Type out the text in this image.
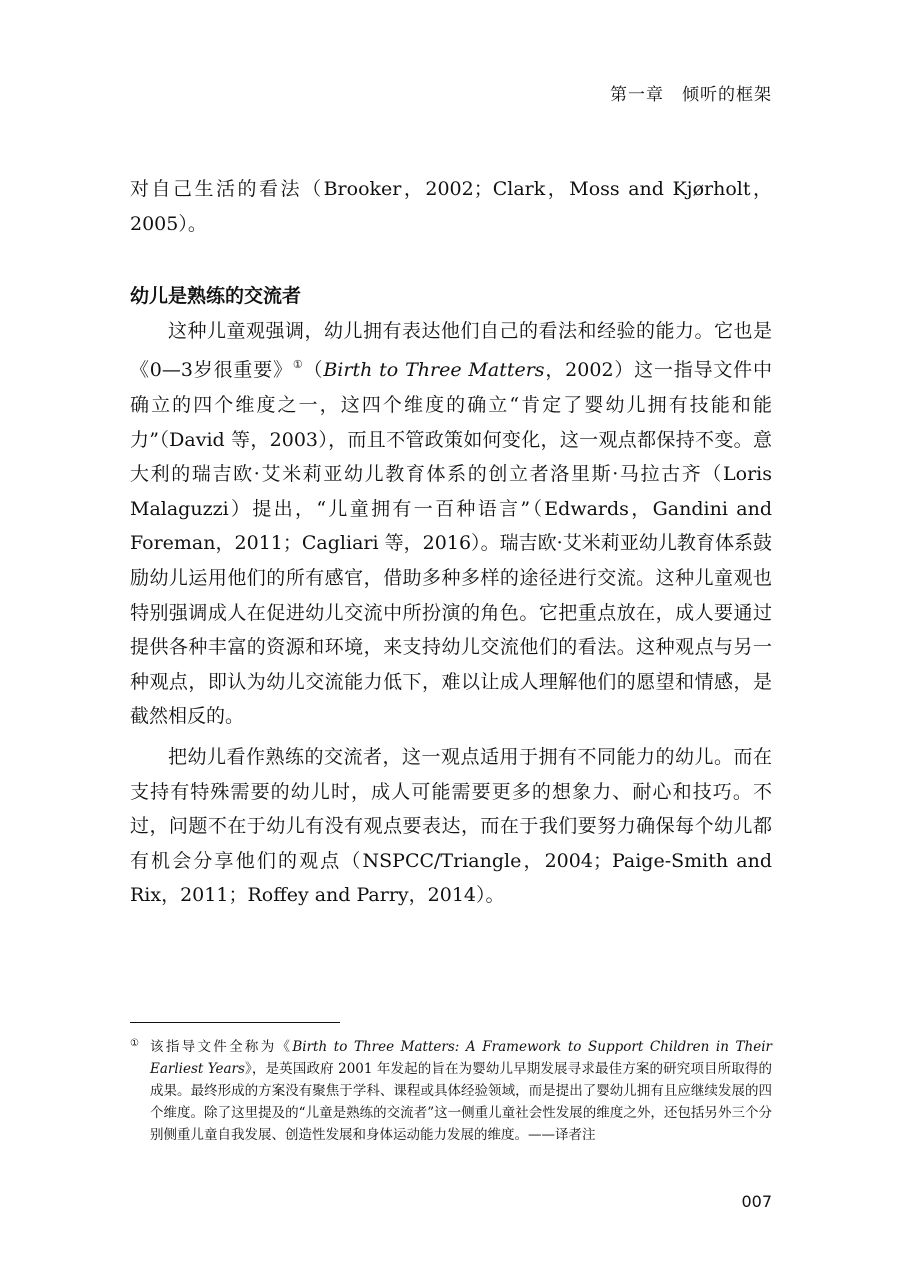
第一章　倾听的框架

对自己生活的看法（Brooker，2002；Clark，Moss and Kjørholt，2005）。

幼儿是熟练的交流者

这种儿童观强调，幼儿拥有表达他们自己的看法和经验的能力。它也是《0—3岁很重要》①（Birth to Three Matters，2002）这一指导文件中确立的四个维度之一，这四个维度的确立“肯定了婴幼儿拥有技能和能力”（David 等，2003），而且不管政策如何变化，这一观点都保持不变。意大利的瑞吉欧·艾米莉亚幼儿教育体系的创立者洛里斯·马拉古齐（Loris Malaguzzi）提出，“儿童拥有一百种语言”（Edwards，Gandini and Foreman，2011；Cagliari 等，2016）。瑞吉欧·艾米莉亚幼儿教育体系鼓励幼儿运用他们的所有感官，借助多种多样的途径进行交流。这种儿童观也特别强调成人在促进幼儿交流中所扮演的角色。它把重点放在，成人要通过提供各种丰富的资源和环境，来支持幼儿交流他们的看法。这种观点与另一种观点，即认为幼儿交流能力低下，难以让成人理解他们的愿望和情感，是截然相反的。

把幼儿看作熟练的交流者，这一观点适用于拥有不同能力的幼儿。而在支持有特殊需要的幼儿时，成人可能需要更多的想象力、耐心和技巧。不过，问题不在于幼儿有没有观点要表达，而在于我们要努力确保每个幼儿都有机会分享他们的观点（NSPCC/Triangle，2004；Paige-Smith and Rix，2011；Roffey and Parry，2014）。

① 该指导文件全称为《Birth to Three Matters: A Framework to Support Children in Their Earliest Years》，是英国政府 2001 年发起的旨在为婴幼儿早期发展寻求最佳方案的研究项目所取得的成果。最终形成的方案没有聚焦于学科、课程或具体经验领域，而是提出了婴幼儿拥有且应继续发展的四个维度。除了这里提及的“儿童是熟练的交流者”这一侧重儿童社会性发展的维度之外，还包括另外三个分别侧重儿童自我发展、创造性发展和身体运动能力发展的维度。——译者注
007
